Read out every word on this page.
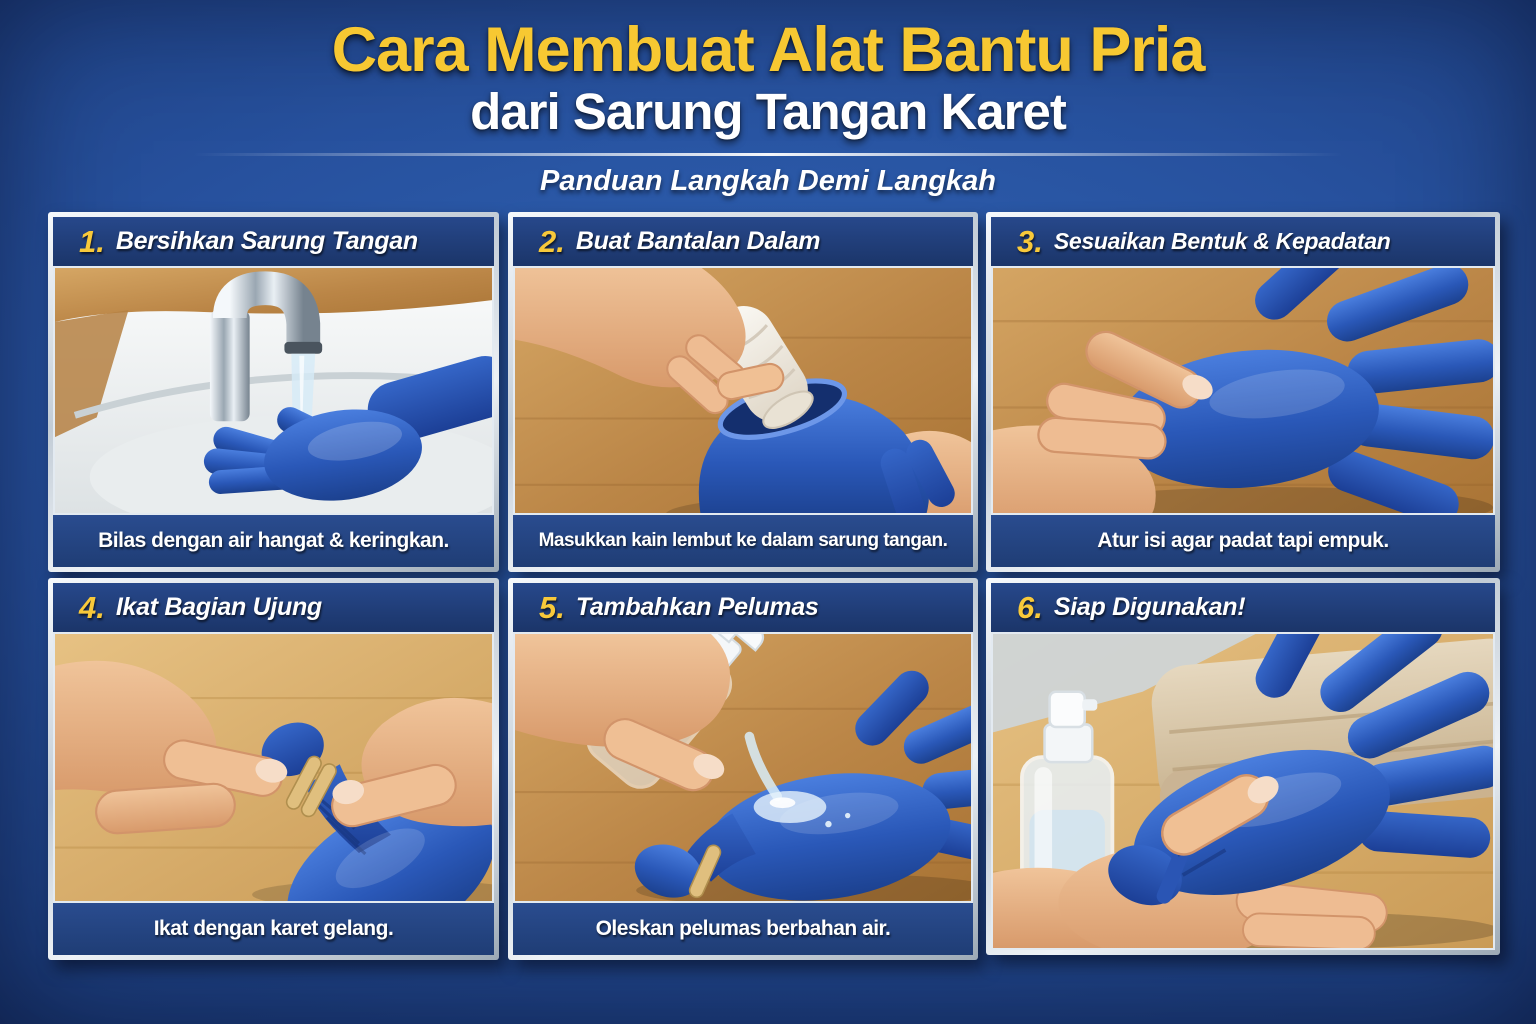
Cara Membuat Alat Bantu Pria
dari Sarung Tangan Karet

Panduan Langkah Demi Langkah

1. Bersihkan Sarung Tangan
Bilas dengan air hangat & keringkan.
2. Buat Bantalan Dalam
Masukkan kain lembut ke dalam sarung tangan.
3. Sesuaikan Bentuk & Kepadatan
Atur isi agar padat tapi empuk.
4. Ikat Bagian Ujung
Ikat dengan karet gelang.
5. Tambahkan Pelumas
Oleskan pelumas berbahan air.
6. Siap Digunakan!
